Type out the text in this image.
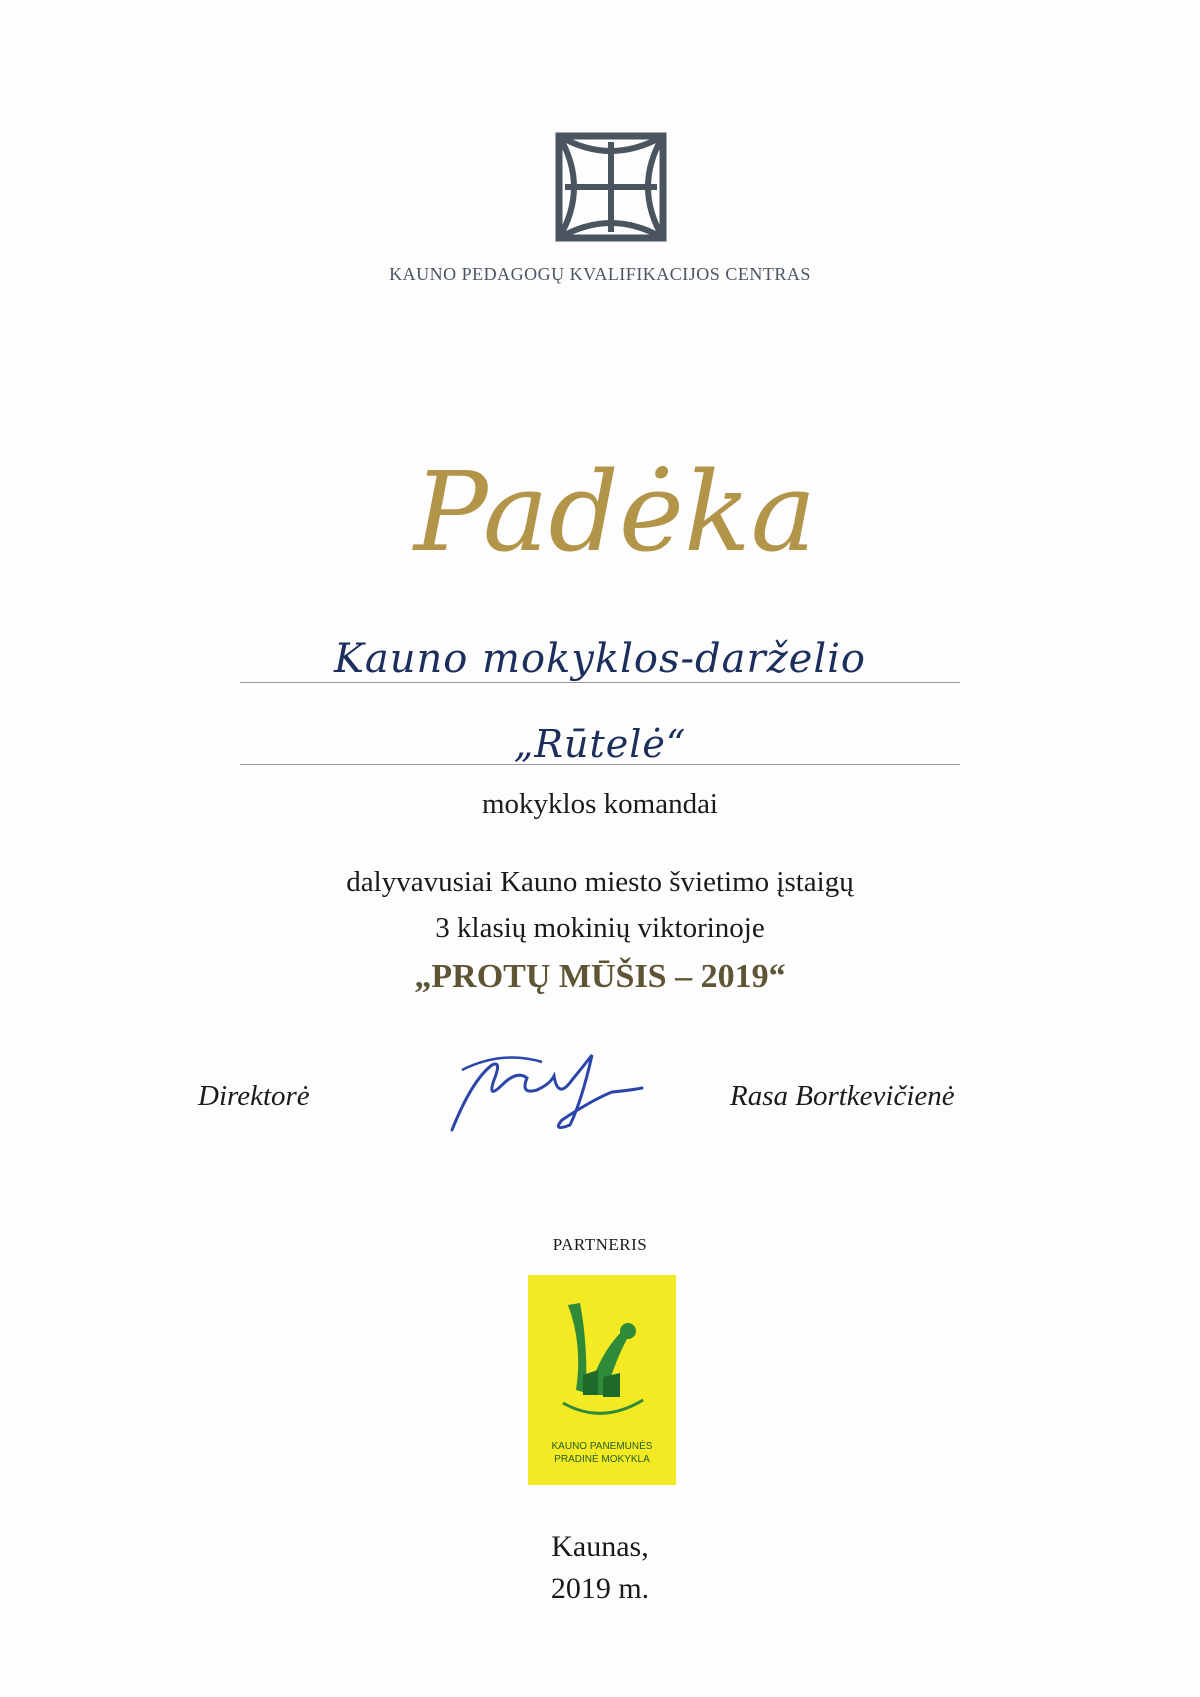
KAUNO PEDAGOGŲ KVALIFIKACIJOS CENTRAS
Padėka
Kauno mokyklos-darželio
„Rūtelė“
mokyklos komandai
dalyvavusiai Kauno miesto švietimo įstaigų
3 klasių mokinių viktorinoje
„PROTŲ MŪŠIS – 2019“
Direktorė	Rasa Bortkevičienė
PARTNERIS
KAUNO PANEMUNĖS
PRADINĖ MOKYKLA
Kaunas,
2019 m.
